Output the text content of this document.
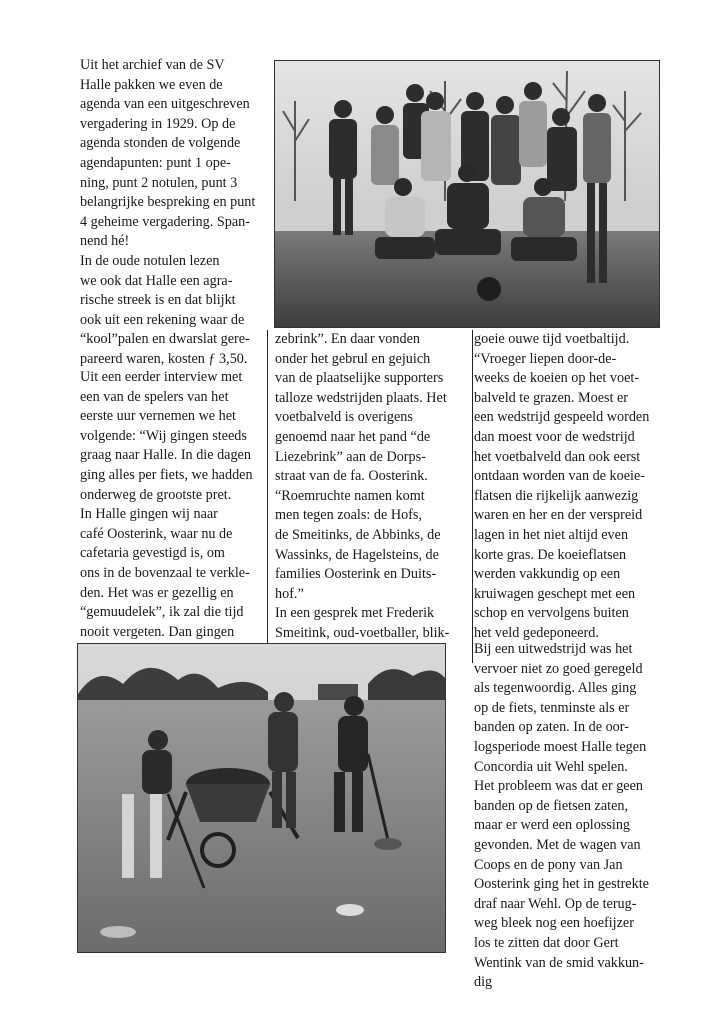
Uit het archief van de SV

Halle pakken we even de

agenda van een uitgeschreven

vergadering in 1929. Op de

agenda stonden de volgende

agendapunten: punt 1 ope-

ning, punt 2 notulen, punt 3

belangrijke bespreking en punt

4 geheime vergadering. Span-

nend hé!

In de oude notulen lezen

we ook dat Halle een agra-

rische streek is en dat blijkt

ook uit een rekening waar de

“kool”palen en dwarslat gere-

pareerd waren, kosten ƒ 3,50.

Uit een eerder interview met

een van de spelers van het

eerste uur vernemen we het

volgende: “Wij gingen steeds

graag naar Halle. In die dagen

ging alles per fiets, we hadden

onderweg de grootste pret.

In Halle gingen wij naar

café Oosterink, waar nu de

cafetaria gevestigd is, om

ons in de bovenzaal te verkle-

den. Het was er gezellig en

“gemuudelek”, ik zal die tijd

nooit vergeten. Dan gingen

zebrink”. En daar vonden

onder het gebrul en gejuich

van de plaatselijke supporters

talloze wedstrijden plaats. Het

voetbalveld is overigens

genoemd naar het pand “de

Liezebrink” aan de Dorps-

straat van de fa. Oosterink.

“Roemruchte namen komt

men tegen zoals: de Hofs,

de Smeitinks, de Abbinks, de

Wassinks, de Hagelsteins, de

families Oosterink en Duits-

hof.”

In een gesprek met Frederik

Smeitink, oud-voetballer, blik-

goeie ouwe tijd voetbaltijd.

“Vroeger liepen door-de-

weeks de koeien op het voet-

balveld te grazen. Moest er

een wedstrijd gespeeld worden

dan moest voor de wedstrijd

het voetbalveld dan ook eerst

ontdaan worden van de koeie-

flatsen die rijkelijk aanwezig

waren en her en der verspreid

lagen in het niet altijd even

korte gras. De koeieflatsen

werden vakkundig op een

kruiwagen geschept met een

schop en vervolgens buiten

het veld gedeponeerd.

Bij een uitwedstrijd was het

vervoer niet zo goed geregeld

als tegenwoordig. Alles ging

op de fiets, tenminste als er

banden op zaten. In de oor-

logsperiode moest Halle tegen

Concordia uit Wehl spelen.

Het probleem was dat er geen

banden op de fietsen zaten,

maar er werd een oplossing

gevonden. Met de wagen van

Coops en de pony van Jan

Oosterink ging het in gestrekte

draf naar Wehl. Op de terug-

weg bleek nog een hoefijzer

los te zitten dat door Gert

Wentink van de smid vakkun-

dig
